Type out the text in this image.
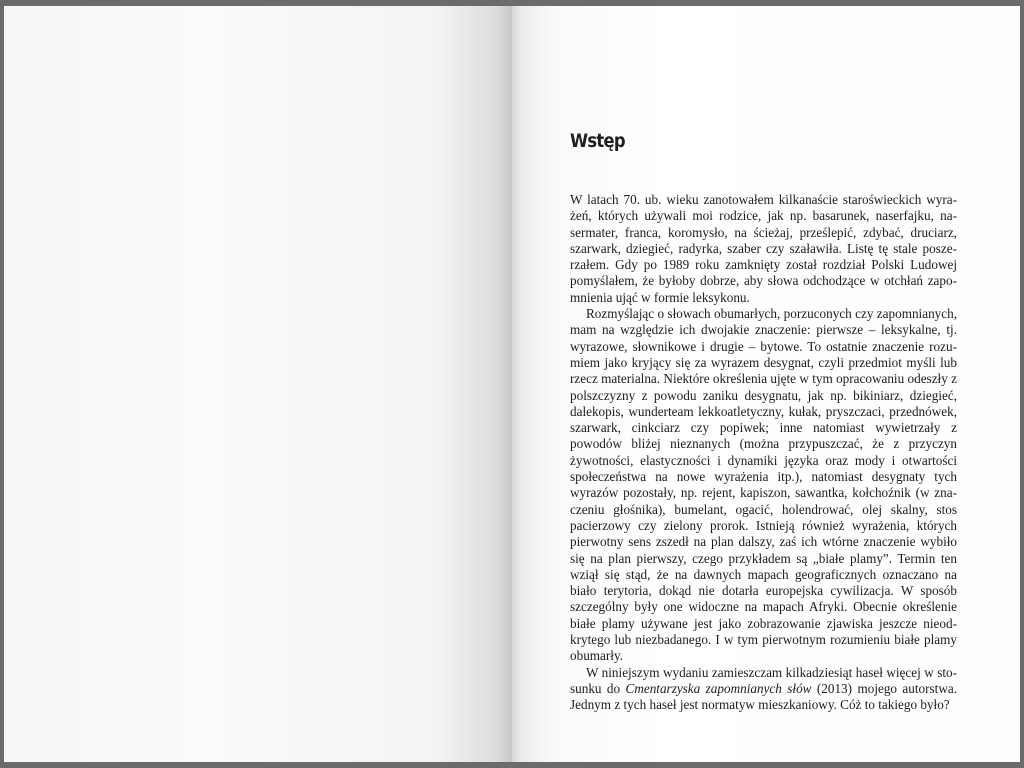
Wstęp

W latach 70. ub. wieku zanotowałem kilkanaście staroświeckich wyrażeń, których używali moi rodzice, jak np. basarunek, naserfajku, nasermater, franca, koromysło, na ścieżaj, prześlepić, zdybać, druciarz, szarwark, dziegieć, radyrka, szaber czy szaławiła. Listę tę stale poszerzałem. Gdy po 1989 roku zamknięty został rozdział Polski Ludowej pomyślałem, że byłoby dobrze, aby słowa odchodzące w otchłań zapomnienia ująć w formie leksykonu.

Rozmyślając o słowach obumarłych, porzuconych czy zapomnianych, mam na względzie ich dwojakie znaczenie: pierwsze – leksykalne, tj. wyrazowe, słownikowe i drugie – bytowe. To ostatnie znaczenie rozumiem jako kryjący się za wyrazem desygnat, czyli przedmiot myśli lub rzecz materialna. Niektóre określenia ujęte w tym opracowaniu odeszły z polszczyzny z powodu zaniku desygnatu, jak np. bikiniarz, dziegieć, dalekopis, wunderteam lekkoatletyczny, kułak, pryszczaci, przednówek, szarwark, cinkciarz czy popiwek; inne natomiast wywietrzały z powodów bliżej nieznanych (można przypuszczać, że z przyczyn żywotności, elastyczności i dynamiki języka oraz mody i otwartości społeczeństwa na nowe wyrażenia itp.), natomiast desygnaty tych wyrazów pozostały, np. rejent, kapiszon, sawantka, kołchoźnik (w znaczeniu głośnika), bumelant, ogacić, holendrować, olej skalny, stos pacierzowy czy zielony prorok. Istnieją również wyrażenia, których pierwotny sens zszedł na plan dalszy, zaś ich wtórne znaczenie wybiło się na plan pierwszy, czego przykładem są „białe plamy”. Termin ten wziął się stąd, że na dawnych mapach geograficznych oznaczano na biało terytoria, dokąd nie dotarła europejska cywilizacja. W sposób szczególny były one widoczne na mapach Afryki. Obecnie określenie białe plamy używane jest jako zobrazowanie zjawiska jeszcze nieodkrytego lub niezbadanego. I w tym pierwotnym rozumieniu białe plamy obumarły.

W niniejszym wydaniu zamieszczam kilkadziesiąt haseł więcej w stosunku do Cmentarzyska zapomnianych słów (2013) mojego autorstwa. Jednym z tych haseł jest normatyw mieszkaniowy. Cóż to takiego było?
